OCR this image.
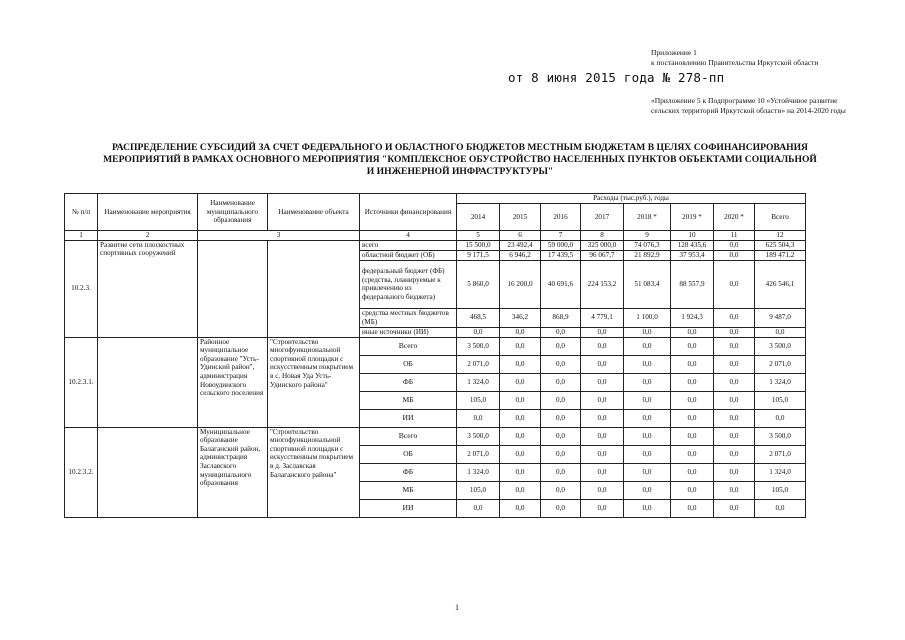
Приложение 1
к постановлению Правительства Иркутской области
от 8 июня 2015 года № 278-пп
«Приложение 5 к Подпрограмме 10 «Устойчивое развитие сельских территорий Иркутской области» на 2014-2020 годы
РАСПРЕДЕЛЕНИЕ СУБСИДИЙ ЗА СЧЕТ ФЕДЕРАЛЬНОГО И ОБЛАСТНОГО БЮДЖЕТОВ МЕСТНЫМ БЮДЖЕТАМ В ЦЕЛЯХ СОФИНАНСИРОВАНИЯ МЕРОПРИЯТИЙ В РАМКАХ ОСНОВНОГО МЕРОПРИЯТИЯ "КОМПЛЕКСНОЕ ОБУСТРОЙСТВО НАСЕЛЕННЫХ ПУНКТОВ ОБЪЕКТАМИ СОЦИАЛЬНОЙ И ИНЖЕНЕРНОЙ ИНФРАСТРУКТУРЫ"
№ п/п	Наименование мероприятия	Наименование муниципального образования	Наименование объекта	Источники финансирования	Расходы (тыс.руб.), годы							
					2014	2015	2016	2017	2018 *	2019 *	2020 *	Всего
1	2	3		4	5	6	7	8	9	10	11	12
10.2.3.	Развитие сети плоскостных спортивных сооружений			всего	15 500,0	23 492,4	59 000,0	325 000,0	74 076,3	128 435,6	0,0	625 504,3
				областной бюджет (ОБ)	9 171,5	6 946,2	17 439,5	96 067,7	21 892,9	37 953,4	0,0	189 471,2
				федеральный бюджет (ФБ) (средства, планируемые к привлечению из федерального бюджета)	5 860,0	16 200,0	40 691,6	224 153,2	51 083,4	88 557,9	0,0	426 546,1
				средства местных бюджетов (МБ)	468,5	346,2	868,9	4 779,1	1 100,0	1 924,3	0,0	9 487,0
				иные источники (ИИ)	0,0	0,0	0,0	0,0	0,0	0,0	0,0	0,0
10.2.3.1.		Районное муниципальное образование "Усть-Удинский район", администрация Новоудинского сельского поселения	"Строительство многофункциональной спортивной площадки с искусственным покрытием в с. Новая Уда Усть-Удинского района"	Всего	3 500,0	0,0	0,0	0,0	0,0	0,0	0,0	3 500,0
				ОБ	2 071,0	0,0	0,0	0,0	0,0	0,0	0,0	2 071,0
				ФБ	1 324,0	0,0	0,0	0,0	0,0	0,0	0,0	1 324,0
				МБ	105,0	0,0	0,0	0,0	0,0	0,0	0,0	105,0
				ИИ	0,0	0,0	0,0	0,0	0,0	0,0	0,0	0,0
10.2.3.2.		Муниципальное образование Балаганский район, администрация Заславского муниципального образования	"Строительство многофункциональной спортивной площадки с искусственным покрытием в д. Заславская Балаганского района"	Всего	3 500,0	0,0	0,0	0,0	0,0	0,0	0,0	3 500,0
				ОБ	2 071,0	0,0	0,0	0,0	0,0	0,0	0,0	2 071,0
				ФБ	1 324,0	0,0	0,0	0,0	0,0	0,0	0,0	1 324,0
				МБ	105,0	0,0	0,0	0,0	0,0	0,0	0,0	105,0
				ИИ	0,0	0,0	0,0	0,0	0,0	0,0	0,0	0,0
1
